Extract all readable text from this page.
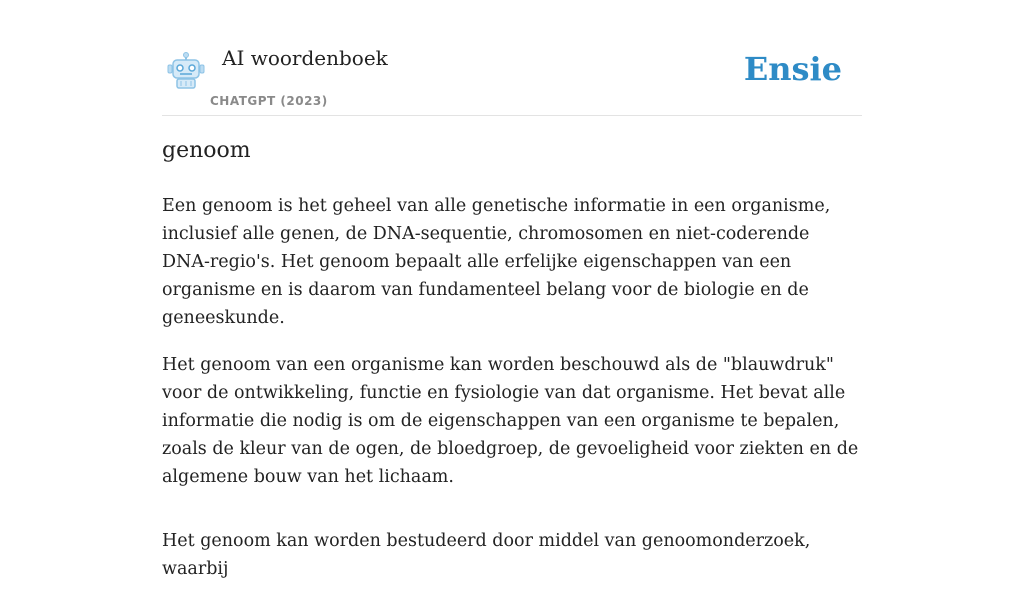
AI woordenboek
CHATGPT (2023)
Ensie
genoom

Een genoom is het geheel van alle genetische informatie in een organisme, inclusief alle genen, de DNA-sequentie, chromosomen en niet-coderende DNA-regio's. Het genoom bepaalt alle erfelijke eigenschappen van een organisme en is daarom van fundamenteel belang voor de biologie en de geneeskunde.

Het genoom van een organisme kan worden beschouwd als de "blauwdruk" voor de ontwikkeling, functie en fysiologie van dat organisme. Het bevat alle informatie die nodig is om de eigenschappen van een organisme te bepalen, zoals de kleur van de ogen, de bloedgroep, de gevoeligheid voor ziekten en de algemene bouw van het lichaam.

Het genoom kan worden bestudeerd door middel van genoomonderzoek, waarbij
